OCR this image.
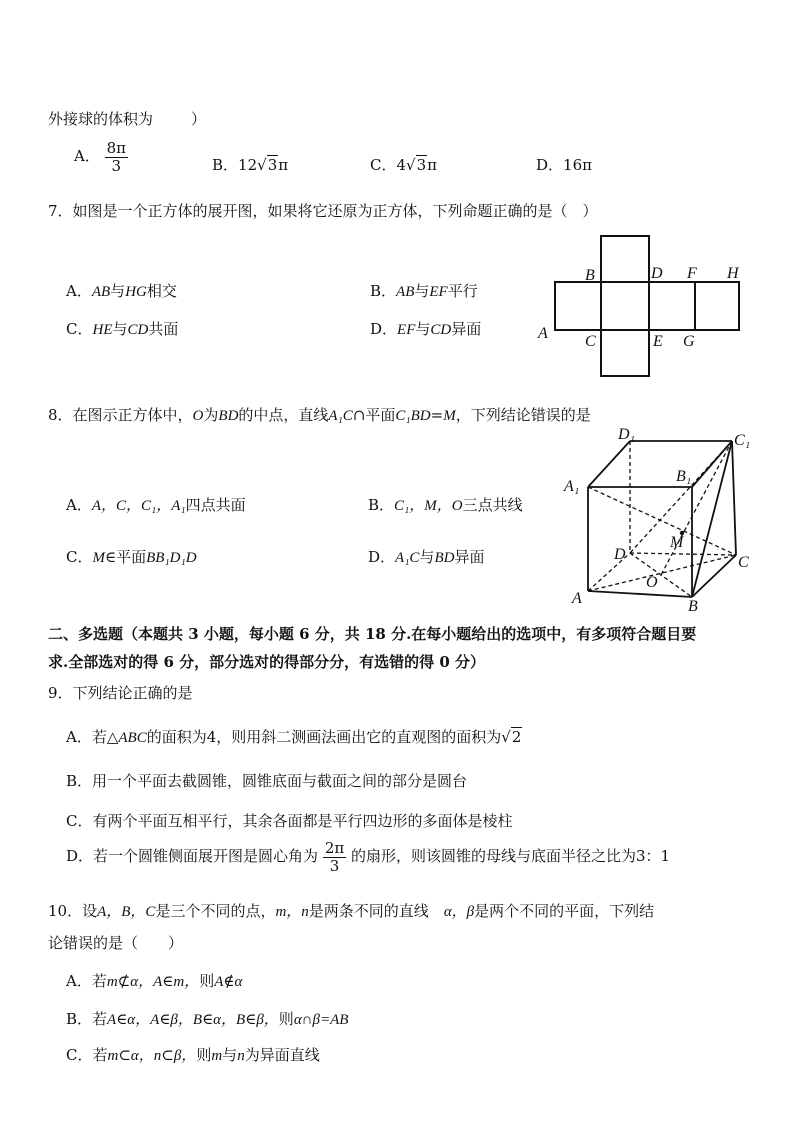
外接球的体积为	）
A． $\frac{8\pi}{3}$	B．12√3π	C．4√3π	D．16π
7．如图是一个正方体的展开图，如果将它还原为正方体，下列命题正确的是（　）
A．AB与HG相交	B．AB与EF平行
C．HE与CD共面	D．EF与CD异面	A
B
C
D
E
F
G
H
8．在图示正方体中，O为BD的中点，直线A₁C∩平面C₁BD=M，下列结论错误的是
A．A，C，C₁，A₁四点共面	B．C₁，M，O三点共线
C．M∈平面BB₁D₁D	D．A₁C与BD异面
D₁	C₁
A₁
B₁
M
D	C
O
A	B
二、多选题（本题共 3 小题，每小题 6 分，共 18 分.在每小题给出的选项中，有多项符合题目要
求.全部选对的得 6 分，部分选对的得部分分，有选错的得 0 分）
9．下列结论正确的是
A．若△ABC的面积为4，则用斜二测画法画出它的直观图的面积为√2
B．用一个平面去截圆锥，圆锥底面与截面之间的部分是圆台
C．有两个平面互相平行，其余各面都是平行四边形的多面体是棱柱
D．若一个圆锥侧面展开图是圆心角为 $\frac{2\pi}{3}$ 的扇形，则该圆锥的母线与底面半径之比为3：1
10．设A，B，C是三个不同的点，m，n是两条不同的直线　α，β是两个不同的平面，下列结
论错误的是（　　）
A．若m⊄α，A∈m，则A∉α
B．若A∈α，A∈β，B∈α，B∈β，则α∩β=AB
C．若m⊂α，n⊂β，则m与n为异面直线
